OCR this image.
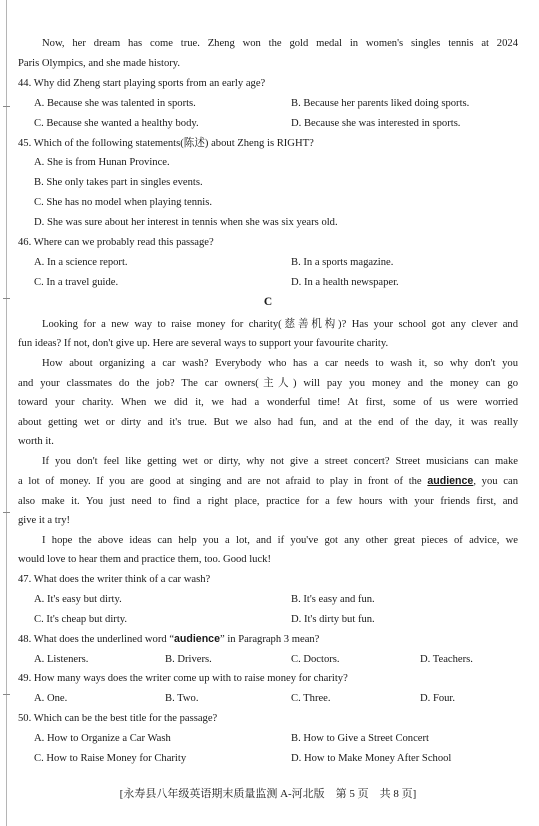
Now, her dream has come true. Zheng won the gold medal in women's singles tennis at 2024
Paris Olympics, and she made history.
44. Why did Zheng start playing sports from an early age?
A. Because she was talented in sports.	B. Because her parents liked doing sports.
C. Because she wanted a healthy body.	D. Because she was interested in sports.
45. Which of the following statements(陈述) about Zheng is RIGHT?
A. She is from Hunan Province.
B. She only takes part in singles events.
C. She has no model when playing tennis.
D. She was sure about her interest in tennis when she was six years old.
46. Where can we probably read this passage?
A. In a science report.	B. In a sports magazine.
C. In a travel guide.	D. In a health newspaper.
C
Looking for a new way to raise money for charity(慈善机构)? Has your school got any clever and
fun ideas? If not, don't give up. Here are several ways to support your favourite charity.
How about organizing a car wash? Everybody who has a car needs to wash it, so why don't you
and your classmates do the job? The car owners(主人) will pay you money and the money can go
toward your charity. When we did it, we had a wonderful time! At first, some of us were worried
about getting wet or dirty and it's true. But we also had fun, and at the end of the day, it was really
worth it.
If you don't feel like getting wet or dirty, why not give a street concert? Street musicians can make
a lot of money. If you are good at singing and are not afraid to play in front of the audience, you can
also make it. You just need to find a right place, practice for a few hours with your friends first, and
give it a try!
I hope the above ideas can help you a lot, and if you've got any other great pieces of advice, we
would love to hear them and practice them, too. Good luck!
47. What does the writer think of a car wash?
A. It's easy but dirty.	B. It's easy and fun.
C. It's cheap but dirty.	D. It's dirty but fun.
48. What does the underlined word “audience” in Paragraph 3 mean?
A. Listeners.	B. Drivers.	C. Doctors.	D. Teachers.
49. How many ways does the writer come up with to raise money for charity?
A. One.	B. Two.	C. Three.	D. Four.
50. Which can be the best title for the passage?
A. How to Organize a Car Wash	B. How to Give a Street Concert
C. How to Raise Money for Charity	D. How to Make Money After School
[永寿县八年级英语期末质量监测 A-河北版　第 5 页　共 8 页]
